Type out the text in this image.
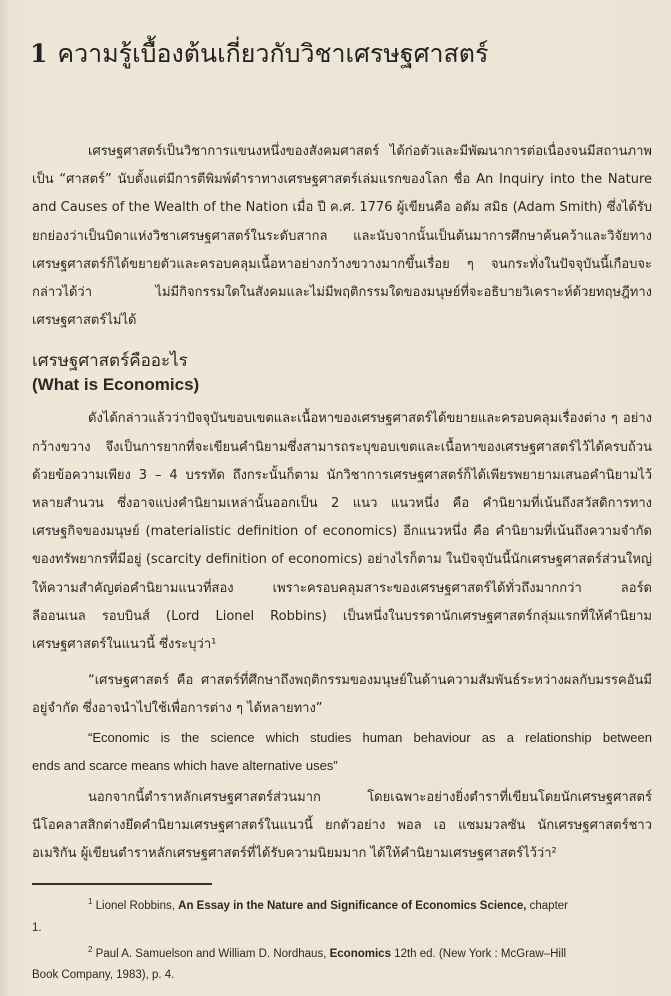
1 ความรู้เบื้องต้นเกี่ยวกับวิชาเศรษฐศาสตร์
เศรษฐศาสตร์เป็นวิชาการแขนงหนึ่งของสังคมศาสตร์ ได้ก่อตัวและมีพัฒนาการต่อเนื่องจนมีสถานภาพ
เป็น “ศาสตร์” นับตั้งแต่มีการตีพิมพ์ตำราทางเศรษฐศาสตร์เล่มแรกของโลก ชื่อ An Inquiry into the Nature
and Causes of the Wealth of the Nation เมื่อ ปี ค.ศ. 1776 ผู้เขียนคือ อดัม สมิธ (Adam Smith) ซึ่งได้รับ
ยกย่องว่าเป็นบิดาแห่งวิชาเศรษฐศาสตร์ในระดับสากล และนับจากนั้นเป็นต้นมาการศึกษาค้นคว้าและวิจัยทาง
เศรษฐศาสตร์ก็ได้ขยายตัวและครอบคลุมเนื้อหาอย่างกว้างขวางมากขึ้นเรื่อย ๆ จนกระทั่งในปัจจุบันนี้เกือบจะ
กล่าวได้ว่า ไม่มีกิจกรรมใดในสังคมและไม่มีพฤติกรรมใดของมนุษย์ที่จะอธิบายวิเคราะห์ด้วยทฤษฎีทาง
เศรษฐศาสตร์ไม่ได้
เศรษฐศาสตร์คืออะไร
(What is Economics)
ดังได้กล่าวแล้วว่าปัจจุบันขอบเขตและเนื้อหาของเศรษฐศาสตร์ได้ขยายและครอบคลุมเรื่องต่าง ๆ อย่าง
กว้างขวาง จึงเป็นการยากที่จะเขียนคำนิยามซึ่งสามารถระบุขอบเขตและเนื้อหาของเศรษฐศาสตร์ไว้ได้ครบถ้วน
ด้วยข้อความเพียง 3 – 4 บรรทัด ถึงกระนั้นก็ตาม นักวิชาการเศรษฐศาสตร์ก็ได้เพียรพยายามเสนอคำนิยามไว้
หลายสำนวน ซึ่งอาจแบ่งคำนิยามเหล่านั้นออกเป็น 2 แนว แนวหนึ่ง คือ คำนิยามที่เน้นถึงสวัสดิการทาง
เศรษฐกิจของมนุษย์ (materialistic definition of economics) อีกแนวหนึ่ง คือ คำนิยามที่เน้นถึงความจำกัด
ของทรัพยากรที่มีอยู่ (scarcity definition of economics) อย่างไรก็ตาม ในปัจจุบันนี้นักเศรษฐศาสตร์ส่วนใหญ่
ให้ความสำคัญต่อคำนิยามแนวที่สอง เพราะครอบคลุมสาระของเศรษฐศาสตร์ได้ทั่วถึงมากกว่า ลอร์ด
ลีออนเนล รอบบินส์ (Lord Lionel Robbins) เป็นหนึ่งในบรรดานักเศรษฐศาสตร์กลุ่มแรกที่ให้คำนิยาม
เศรษฐศาสตร์ในแนวนี้ ซึ่งระบุว่า¹
“เศรษฐศาสตร์ คือ ศาสตร์ที่ศึกษาถึงพฤติกรรมของมนุษย์ในด้านความสัมพันธ์ระหว่างผลกับมรรคอันมี
อยู่จำกัด ซึ่งอาจนำไปใช้เพื่อการต่าง ๆ ได้หลายทาง”
“Economic is the science which studies human behaviour as a relationship between
ends and scarce means which have alternative uses”
นอกจากนี้ตำราหลักเศรษฐศาสตร์ส่วนมาก โดยเฉพาะอย่างยิ่งตำราที่เขียนโดยนักเศรษฐศาสตร์
นีโอคลาสสิกต่างยึดคำนิยามเศรษฐศาสตร์ในแนวนี้ ยกตัวอย่าง พอล เอ แซมมวลซัน นักเศรษฐศาสตร์ชาว
อเมริกัน ผู้เขียนตำราหลักเศรษฐศาสตร์ที่ได้รับความนิยมมาก ได้ให้คำนิยามเศรษฐศาสตร์ไว้ว่า²
$^1$ Lionel Robbins, An Essay in the Nature and Significance of Economics Science, chapter
1.
$^2$ Paul A. Samuelson and William D. Nordhaus, Economics 12th ed. (New York : McGraw–Hill
Book Company, 1983), p. 4.
